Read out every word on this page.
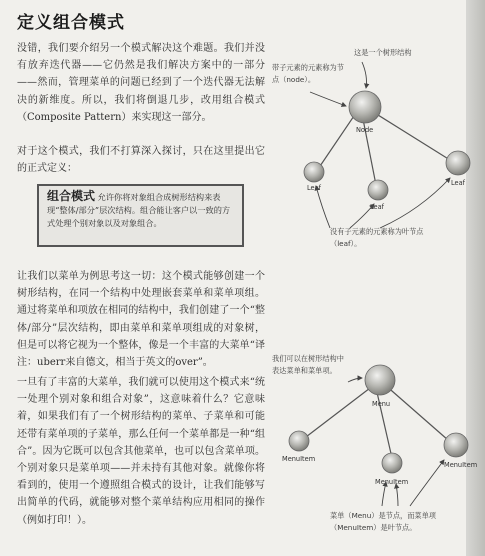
定义组合模式
没错，我们要介绍另一个模式解决这个难题。我们并没有放弃迭代器——它仍然是我们解决方案中的一部分——然而，管理菜单的问题已经到了一个迭代器无法解决的新维度。所以，我们将倒退几步，改用组合模式（Composite Pattern）来实现这一部分。
对于这个模式，我们不打算深入探讨，只在这里提出它的正式定义：
组合模式 允许你将对象组合成树形结构来表现“整体/部分”层次结构。组合能让客户以一致的方式处理个别对象以及对象组合。
让我们以菜单为例思考这一切：这个模式能够创建一个树形结构，在同一个结构中处理嵌套菜单和菜单项组。通过将菜单和项放在相同的结构中，我们创建了一个“整体/部分”层次结构，即由菜单和菜单项组成的对象树，但是可以将它视为一个整体，像是一个丰富的大菜单“译注：uberr来自德文，相当于英文的over”。
一旦有了丰富的大菜单，我们就可以使用这个模式来“统一处理个别对象和组合对象”，这意味着什么？它意味着，如果我们有了一个树形结构的菜单、子菜单和可能还带有菜单项的子菜单，那么任何一个菜单都是一种“组合”。因为它既可以包含其他菜单，也可以包含菜单项。个别对象只是菜单项——并未持有其他对象。就像你将看到的，使用一个遵照组合模式的设计，让我们能够写出简单的代码，就能够对整个菜单结构应用相同的操作（例如打印！）。
Node
Leaf
Leaf
Leaf
Menu
MenuItem
MenuItem
MenuItem
这是一个树形结构
带子元素的元素称为节点（node）。
没有子元素的元素称为叶节点（leaf）。
我们可以在树形结构中表达菜单和菜单项。
菜单（Menu）是节点，而菜单项（MenuItem）是叶节点。
